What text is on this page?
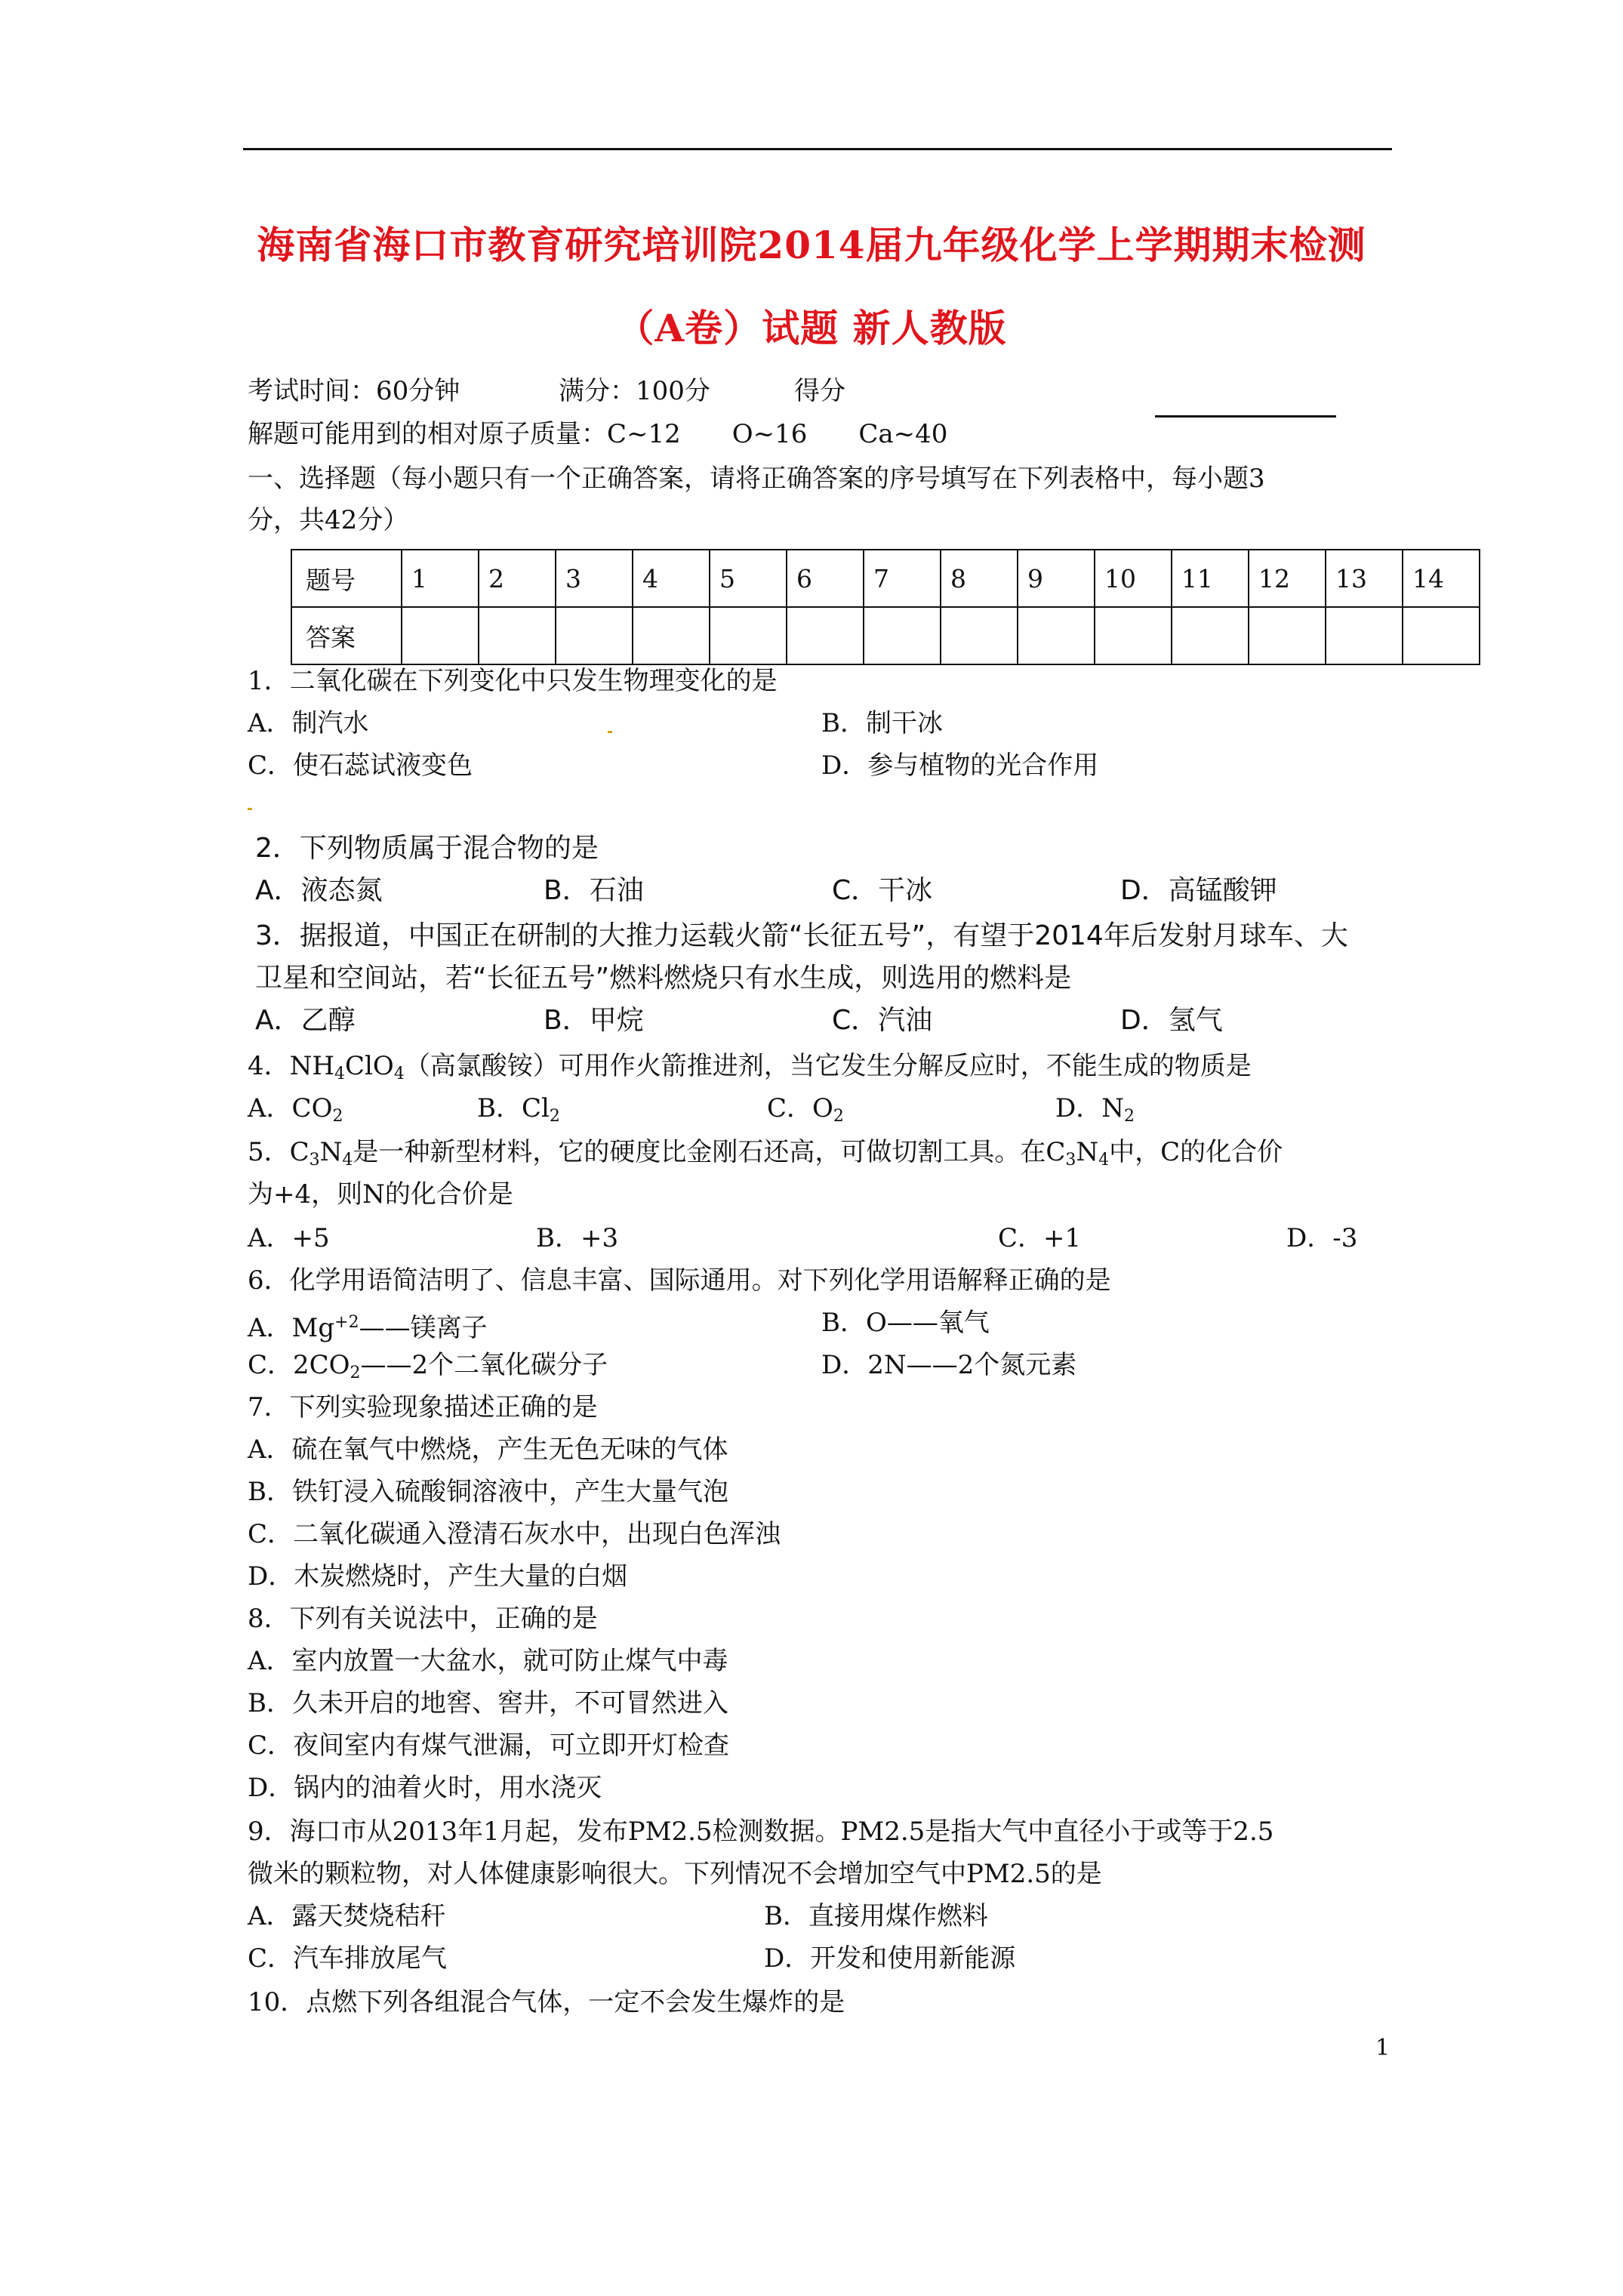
海南省海口市教育研究培训院2014届九年级化学上学期期末检测
（A卷）试题 新人教版
考试时间：60分钟	满分：100分	得分
解题可能用到的相对原子质量：C~12　　O~16　　Ca~40
一、选择题（每小题只有一个正确答案，请将正确答案的序号填写在下列表格中，每小题3
分，共42分）
题号	1	2	3	4	5	6	7	8	9	10	11	12	13	14
答案														
1．二氧化碳在下列变化中只发生物理变化的是
A．制汽水	B．制干冰
C．使石蕊试液变色	D．参与植物的光合作用
2．下列物质属于混合物的是
A．液态氮	B．石油	C．干冰	D．高锰酸钾
3．据报道，中国正在研制的大推力运载火箭“长征五号”，有望于2014年后发射月球车、大
卫星和空间站，若“长征五号”燃料燃烧只有水生成，则选用的燃料是
A．乙醇	B．甲烷	C．汽油	D．氢气
4．$NH_4ClO_4$（高氯酸铵）可用作火箭推进剂，当它发生分解反应时，不能生成的物质是
A．$CO_2$	B．$Cl_2$	C．$O_2$	D．$N_2$
5．$C_3N_4$是一种新型材料，它的硬度比金刚石还高，可做切割工具。在$C_3N_4$中，C的化合价
为+4，则N的化合价是
A．+5	B．+3	C．+1	D．-3
6．化学用语简洁明了、信息丰富、国际通用。对下列化学用语解释正确的是
A．$Mg^{+2}——$镁离子	B．O——氧气
C．$2CO_2——2$个二氧化碳分子	D．2N——2个氮元素
7．下列实验现象描述正确的是
A．硫在氧气中燃烧，产生无色无味的气体
B．铁钉浸入硫酸铜溶液中，产生大量气泡
C．二氧化碳通入澄清石灰水中，出现白色浑浊
D．木炭燃烧时，产生大量的白烟
8．下列有关说法中，正确的是
A．室内放置一大盆水，就可防止煤气中毒
B．久未开启的地窖、窖井，不可冒然进入
C．夜间室内有煤气泄漏，可立即开灯检查
D．锅内的油着火时，用水浇灭
9．海口市从2013年1月起，发布PM2.5检测数据。PM2.5是指大气中直径小于或等于2.5
微米的颗粒物，对人体健康影响很大。下列情况不会增加空气中PM2.5的是
A．露天焚烧秸秆	B．直接用煤作燃料
C．汽车排放尾气	D．开发和使用新能源
10．点燃下列各组混合气体，一定不会发生爆炸的是
1
